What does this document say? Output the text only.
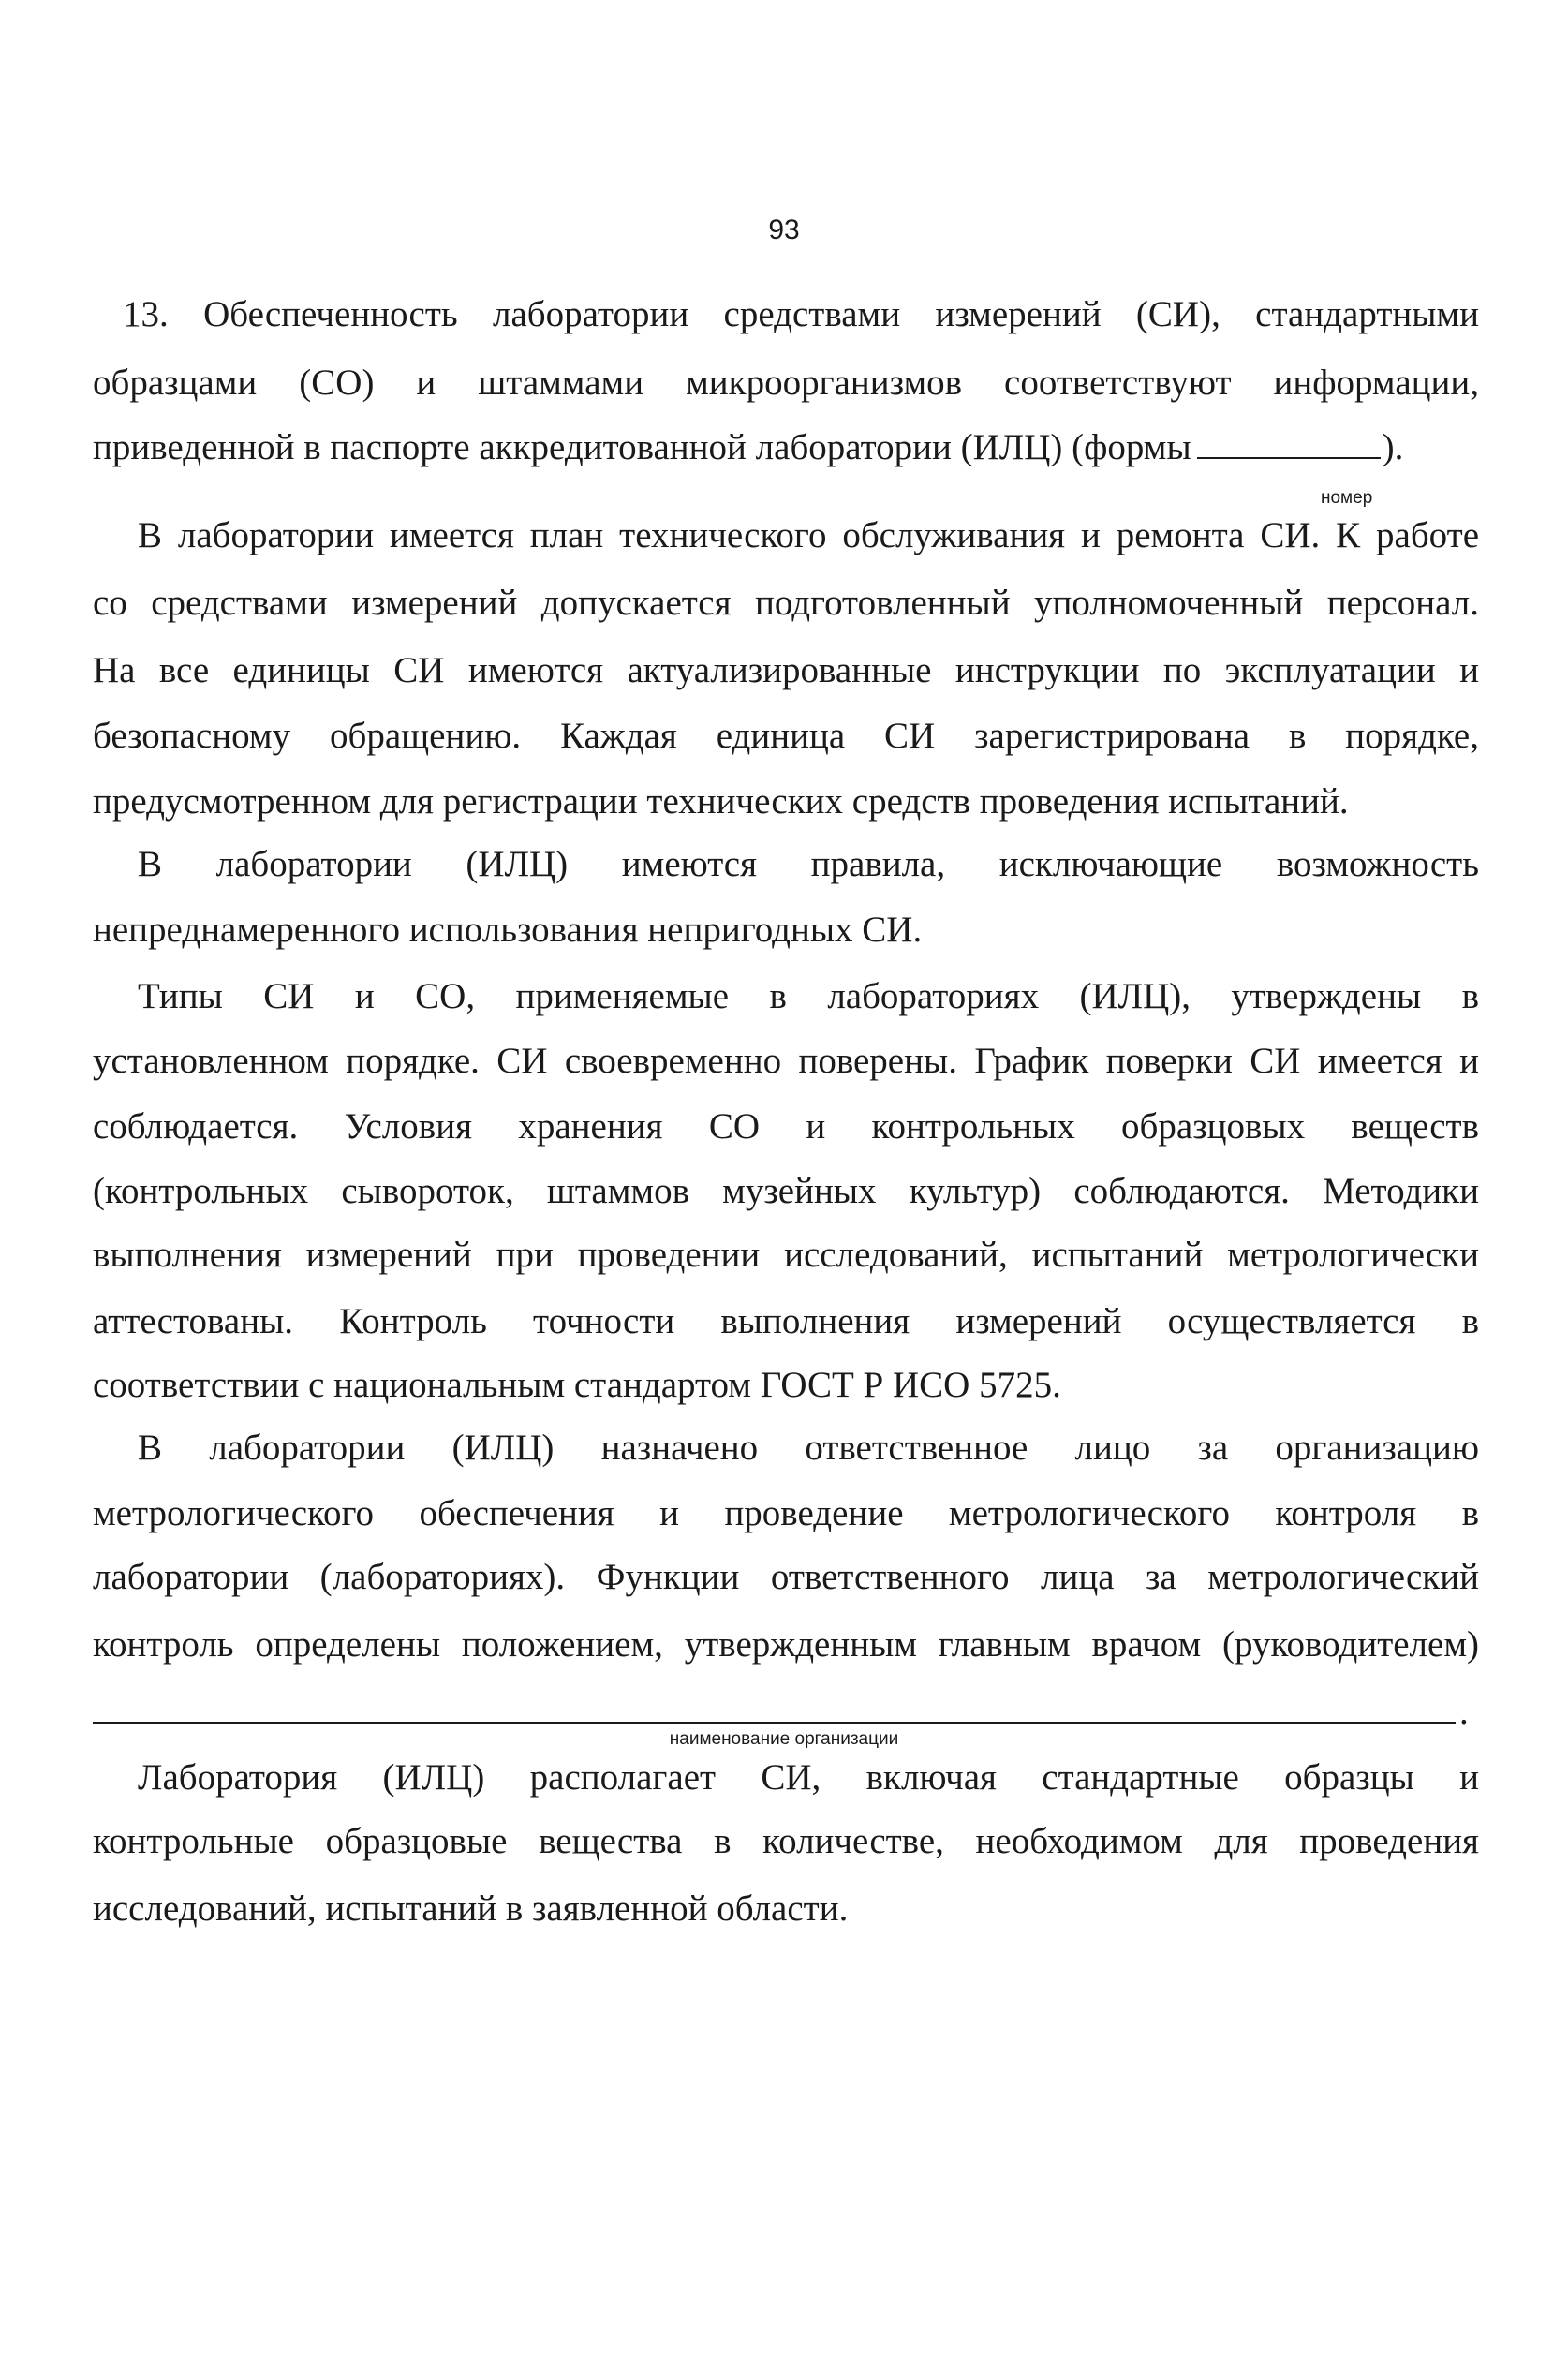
93
13. Обеспеченность лаборатории средствами измерений (СИ), стандартными
образцами (СО) и штаммами микроорганизмов соответствуют информации,
приведенной в паспорте аккредитованной лаборатории (ИЛЦ) (формы	).
номер
В лаборатории имеется план технического обслуживания и ремонта СИ. К работе
со средствами измерений допускается подготовленный уполномоченный персонал.
На все единицы СИ имеются актуализированные инструкции по эксплуатации и
безопасному обращению. Каждая единица СИ зарегистрирована в порядке,
предусмотренном для регистрации технических средств проведения испытаний.
В лаборатории (ИЛЦ) имеются правила, исключающие возможность
непреднамеренного использования непригодных СИ.
Типы СИ и СО, применяемые в лабораториях (ИЛЦ), утверждены в
установленном порядке. СИ своевременно поверены. График поверки СИ имеется и
соблюдается. Условия хранения СО и контрольных образцовых веществ
(контрольных сывороток, штаммов музейных культур) соблюдаются. Методики
выполнения измерений при проведении исследований, испытаний метрологически
аттестованы. Контроль точности выполнения измерений осуществляется в
соответствии с национальным стандартом ГОСТ Р ИСО 5725.
В лаборатории (ИЛЦ) назначено ответственное лицо за организацию
метрологического обеспечения и проведение метрологического контроля в
лаборатории (лабораториях). Функции ответственного лица за метрологический
контроль определены положением, утвержденным главным врачом (руководителем)
.
наименование организации
Лаборатория (ИЛЦ) располагает СИ, включая стандартные образцы и
контрольные образцовые вещества в количестве, необходимом для проведения
исследований, испытаний в заявленной области.
